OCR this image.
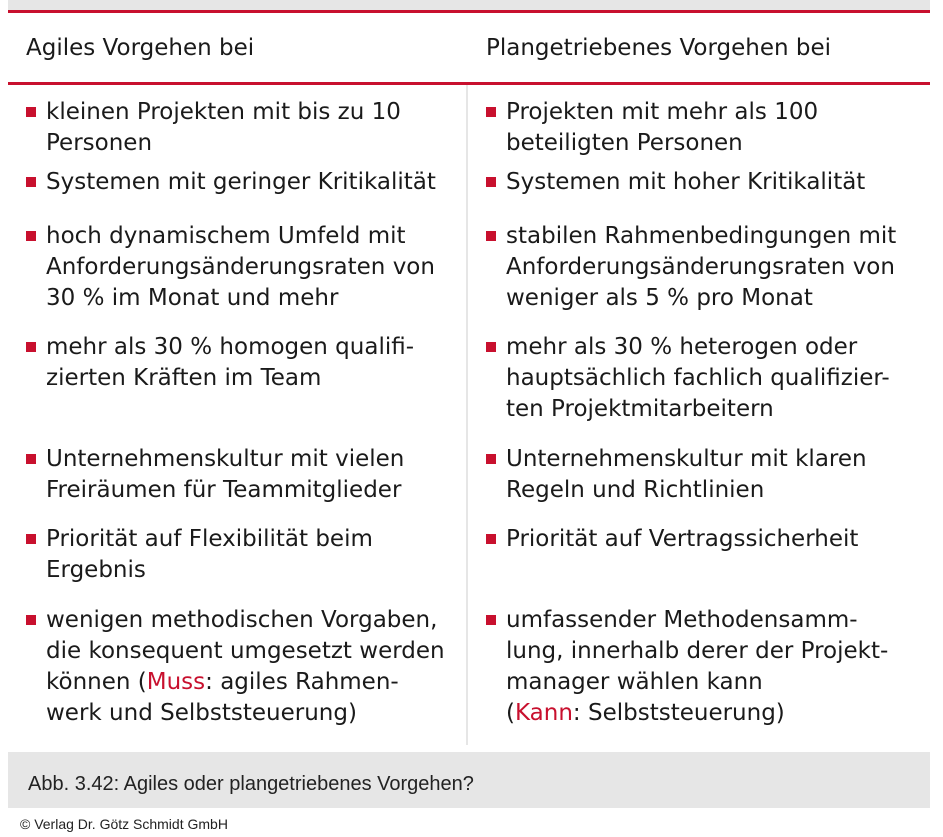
Agiles Vorgehen bei	Plangetriebenes Vorgehen bei
kleinen Projekten mit bis zu 10
Personen
Systemen mit geringer Kritikalität
hoch dynamischem Umfeld mit
Anforderungsänderungsraten von
30 % im Monat und mehr
mehr als 30 % homogen qualifi-
zierten Kräften im Team
Unternehmenskultur mit vielen
Freiräumen für Teammitglieder
Priorität auf Flexibilität beim
Ergebnis
wenigen methodischen Vorgaben,
die konsequent umgesetzt werden
können (Muss: agiles Rahmen-
werk und Selbststeuerung)
Projekten mit mehr als 100
beteiligten Personen
Systemen mit hoher Kritikalität
stabilen Rahmenbedingungen mit
Anforderungsänderungsraten von
weniger als 5 % pro Monat
mehr als 30 % heterogen oder
hauptsächlich fachlich qualifizier-
ten Projektmitarbeitern
Unternehmenskultur mit klaren
Regeln und Richtlinien
Priorität auf Vertragssicherheit
umfassender Methodensamm-
lung, innerhalb derer der Projekt-
manager wählen kann
(Kann: Selbststeuerung)
Abb. 3.42: Agiles oder plangetriebenes Vorgehen?
© Verlag Dr. Götz Schmidt GmbH
